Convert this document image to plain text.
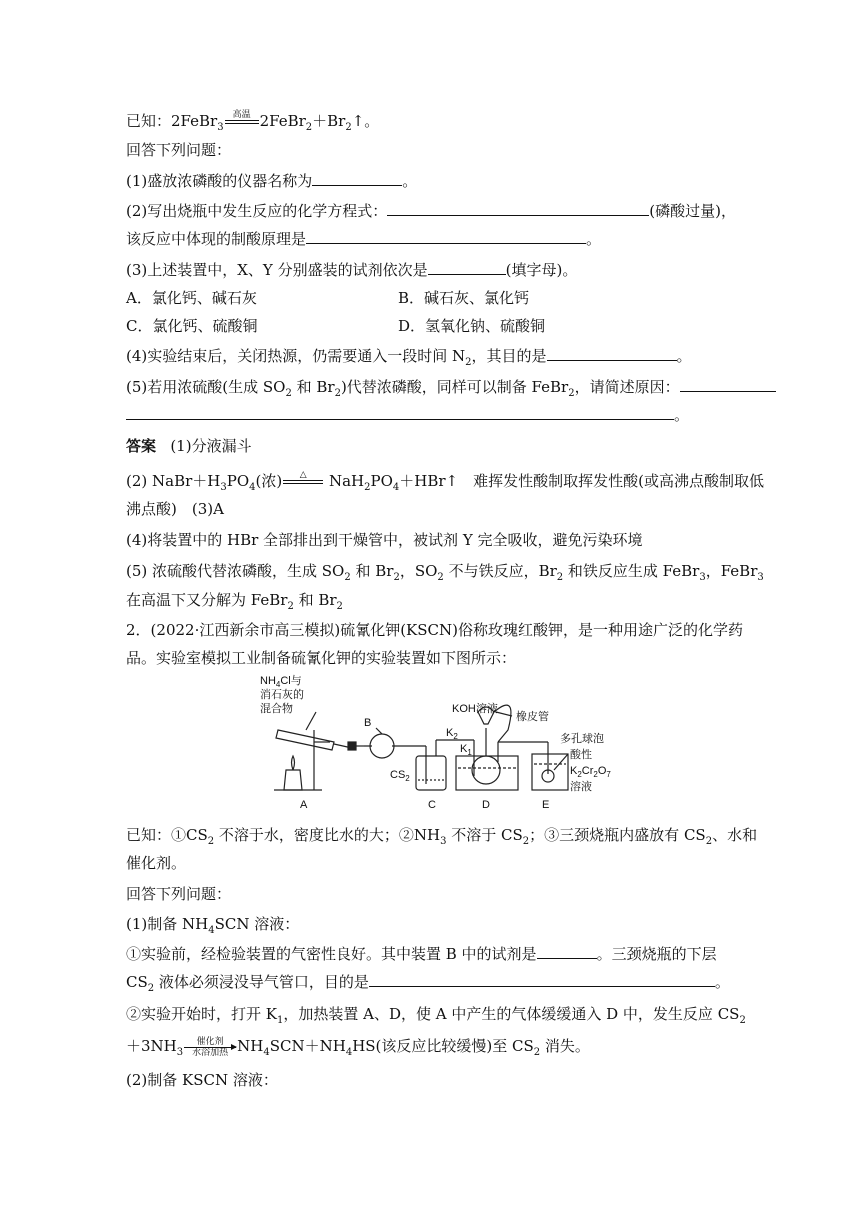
已知：2FeBr$_3$
高温
$2FeBr_2+Br_2↑$。
回答下列问题：
(1)盛放浓磷酸的仪器名称为	。
(2)写出烧瓶中发生反应的化学方程式：	(磷酸过量)，
该反应中体现的制酸原理是	。
(3)上述装置中，X、Y 分别盛装的试剂依次是	(填字母)。
A．氯化钙、碱石灰	B．碱石灰、氯化钙
C．氯化钙、硫酸铜	D．氢氧化钠、硫酸铜
(4)实验结束后，关闭热源，仍需要通入一段时间 $N_2$，其目的是	。
(5)若用浓硫酸(生成 $SO_2$ 和 $Br_2$)代替浓磷酸，同样可以制备 FeBr$_2$，请简述原因：
。
答案 (1)分液漏斗
(2) $NaBr+H_3PO_4$(浓)	△
	$NaH_2PO_4+HBr↑$　难挥发性酸制取挥发性酸(或高沸点酸制取低
沸点酸)　(3)A
(4)将装置中的 HBr 全部排出到干燥管中，被试剂 Y 完全吸收，避免污染环境
(5) 浓硫酸代替浓磷酸，生成 $SO_2$ 和 $Br_2$，$SO_2$ 不与铁反应，$Br_2$ 和铁反应生成 FeBr$_3$，FeBr$_3$
在高温下又分解为 FeBr$_2$ 和 $Br_2$
2．(2022·江西新余市高三模拟)硫氰化钾(KSCN)俗称玫瑰红酸钾，是一种用途广泛的化学药
品。实验室模拟工业制备硫氰化钾的实验装置如下图所示：
$NH_4Cl$与
消石灰的
混合物
B
KOH溶液
橡皮管
$K_2$
$K_1$
多孔球泡
酸性
$K_2Cr_2O_7$
溶液
$CS_2$
A	C	D	E
已知：$①CS_2$ 不溶于水，密度比水的大；$②NH_3$ 不溶于 $CS_2$；③三颈烧瓶内盛放有 $CS_2$、水和
催化剂。
回答下列问题：
(1)制备 $NH_4SCN$ 溶液：
①实验前，经检验装置的气密性良好。其中装置 B 中的试剂是	。三颈烧瓶的下层
$CS_2$ 液体必须浸没导气管口，目的是	。
②实验开始时，打开 $K_1$，加热装置 A、D，使 A 中产生的气体缓缓通入 D 中，发生反应 $CS_2$
$+3NH_3$
催化剂
水浴加热 $NH_4SCN+NH_4HS$(该反应比较缓慢)至 $CS_2$ 消失。
(2)制备 KSCN 溶液：
